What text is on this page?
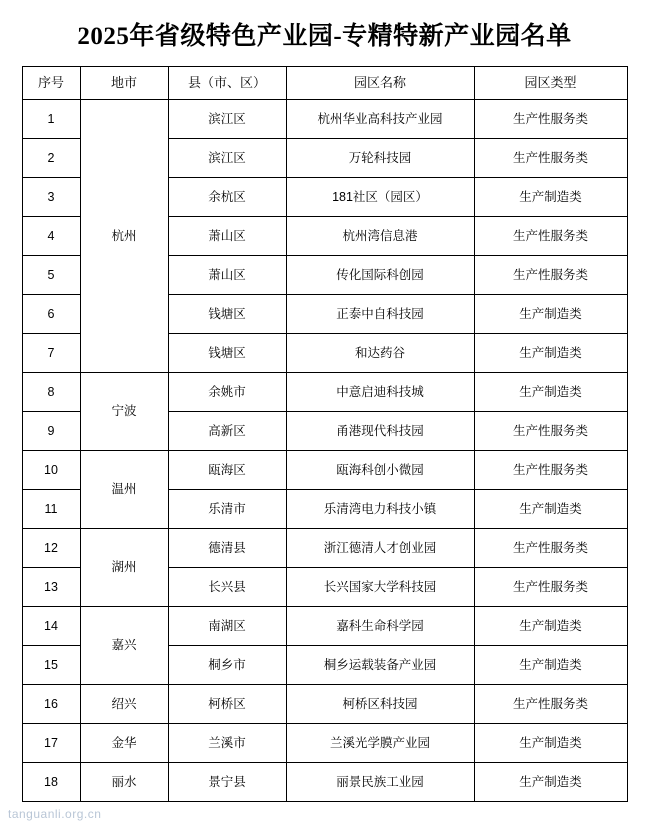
2025年省级特色产业园-专精特新产业园名单
序号	地市	县（市、区）	园区名称	园区类型
1	杭州	滨江区	杭州华业高科技产业园	生产性服务类
2		滨江区	万轮科技园	生产性服务类
3		余杭区	181社区（园区）	生产制造类
4		萧山区	杭州湾信息港	生产性服务类
5		萧山区	传化国际科创园	生产性服务类
6		钱塘区	正泰中自科技园	生产制造类
7		钱塘区	和达药谷	生产制造类
8	宁波	余姚市	中意启迪科技城	生产制造类
9		高新区	甬港现代科技园	生产性服务类
10	温州	瓯海区	瓯海科创小微园	生产性服务类
11		乐清市	乐清湾电力科技小镇	生产制造类
12	湖州	德清县	浙江德清人才创业园	生产性服务类
13		长兴县	长兴国家大学科技园	生产性服务类
14	嘉兴	南湖区	嘉科生命科学园	生产制造类
15		桐乡市	桐乡运载装备产业园	生产制造类
16	绍兴	柯桥区	柯桥区科技园	生产性服务类
17	金华	兰溪市	兰溪光学膜产业园	生产制造类
18	丽水	景宁县	丽景民族工业园	生产制造类
tanguanli.org.cn
